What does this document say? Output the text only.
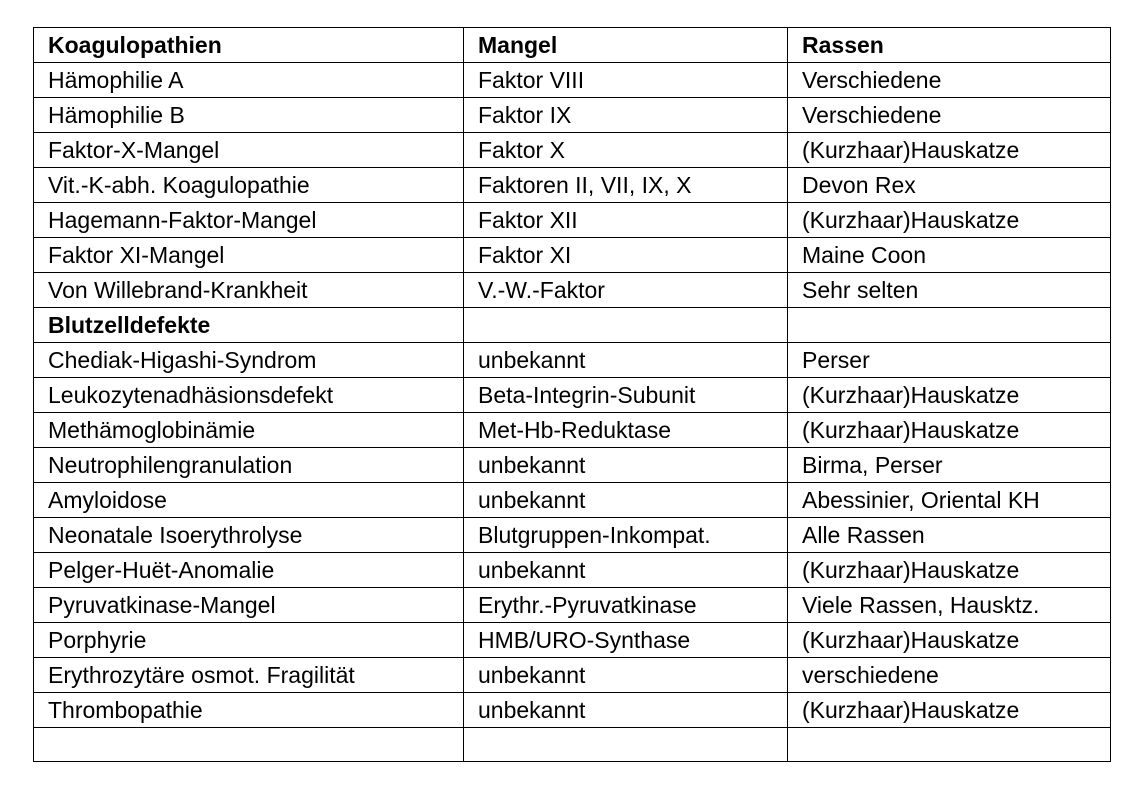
Koagulopathien	Mangel	Rassen
Hämophilie A	Faktor VIII	Verschiedene
Hämophilie B	Faktor IX	Verschiedene
Faktor-X-Mangel	Faktor X	(Kurzhaar)Hauskatze
Vit.-K-abh. Koagulopathie	Faktoren II, VII, IX, X	Devon Rex
Hagemann-Faktor-Mangel	Faktor XII	(Kurzhaar)Hauskatze
Faktor XI-Mangel	Faktor XI	Maine Coon
Von Willebrand-Krankheit	V.-W.-Faktor	Sehr selten
Blutzelldefekte		
Chediak-Higashi-Syndrom	unbekannt	Perser
Leukozytenadhäsionsdefekt	Beta-Integrin-Subunit	(Kurzhaar)Hauskatze
Methämoglobinämie	Met-Hb-Reduktase	(Kurzhaar)Hauskatze
Neutrophilengranulation	unbekannt	Birma, Perser
Amyloidose	unbekannt	Abessinier, Oriental KH
Neonatale Isoerythrolyse	Blutgruppen-Inkompat.	Alle Rassen
Pelger-Huët-Anomalie	unbekannt	(Kurzhaar)Hauskatze
Pyruvatkinase-Mangel	Erythr.-Pyruvatkinase	Viele Rassen, Hausktz.
Porphyrie	HMB/URO-Synthase	(Kurzhaar)Hauskatze
Erythrozytäre osmot. Fragilität	unbekannt	verschiedene
Thrombopathie	unbekannt	(Kurzhaar)Hauskatze
